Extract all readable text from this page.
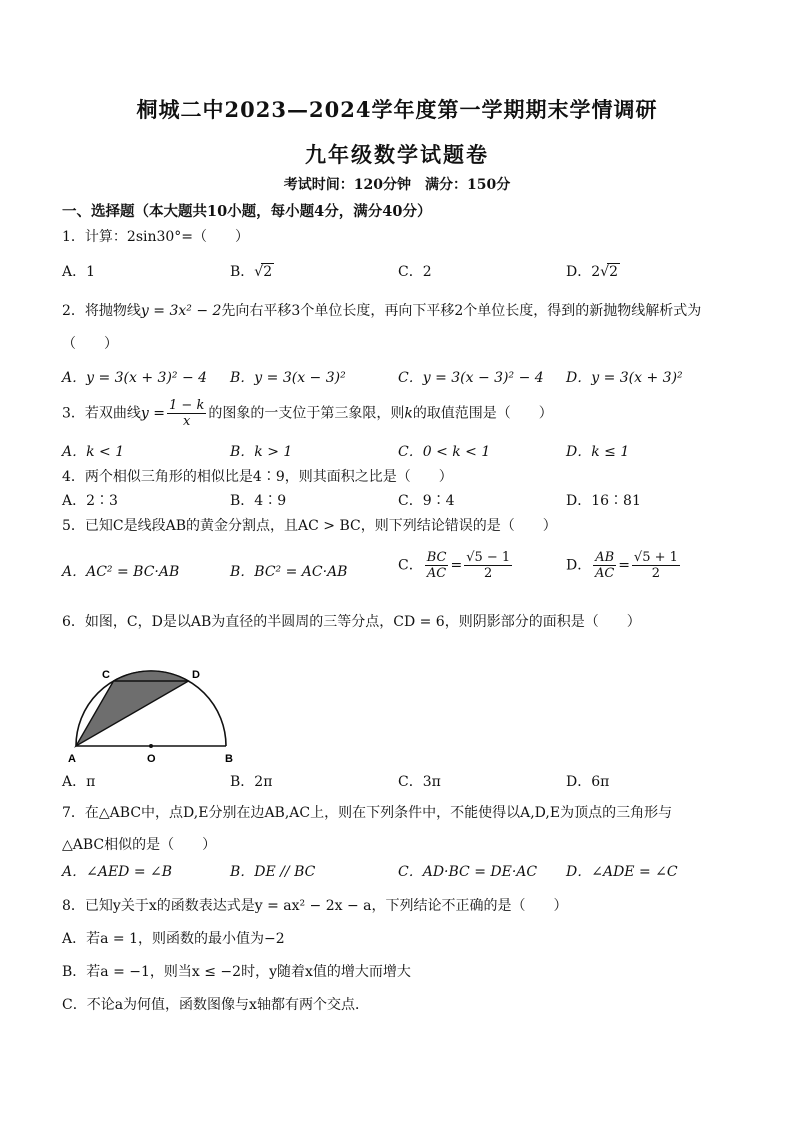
桐城二中2023—2024学年度第一学期期末学情调研
九年级数学试题卷
考试时间：120分钟　满分：150分
一、选择题（本大题共10小题，每小题4分，满分40分）
1．计算：2sin30°=（　　）
A．1	B．√2	C．2	D．2√2
2．将抛物线y = 3x² − 2先向右平移3个单位长度，再向下平移2个单位长度，得到的新抛物线解析式为
（　　）
A．y = 3(x + 3)² − 4 B．y = 3(x − 3)²	C．y = 3(x − 3)² − 4 D．y = 3(x + 3)²
3．若双曲线$y = \frac{1 - k}{x}$ 的图象的一支位于第三象限，则k的取值范围是（　　）
A．k < 1	B．k > 1	C．0 < k < 1	D．k ≤ 1
4．两个相似三角形的相似比是4∶9，则其面积之比是（　　）
A．2∶3	B．4∶9	C．9∶4	D．16∶81
5．已知C是线段AB的黄金分割点，且AC > BC，则下列结论错误的是（　　）
A．AC² = BC·AB	B．BC² = AC·AB	C． $\frac{BC}{AC} = \frac{√5 - 1}{2}$	D． $\frac{AB}{AC} = \frac{√5 + 1}{2}$
6．如图，C，D是以AB为直径的半圆周的三等分点，CD = 6，则阴影部分的面积是（　　）
C	D
A	O	B
A．π	B．2π	C．3π	D．6π
7．在△ABC中，点D,E分别在边AB,AC上，则在下列条件中，不能使得以A,D,E为顶点的三角形与
△ABC相似的是（　　）
A．∠AED = ∠B	B．DE // BC	C．AD·BC = DE·AC D．∠ADE = ∠C
8．已知y关于x的函数表达式是y = ax² − 2x − a，下列结论不正确的是（　　）
A．若a = 1，则函数的最小值为−2
B．若a = −1，则当x ≤ −2时，y随着x值的增大而增大
C．不论a为何值，函数图像与x轴都有两个交点．
